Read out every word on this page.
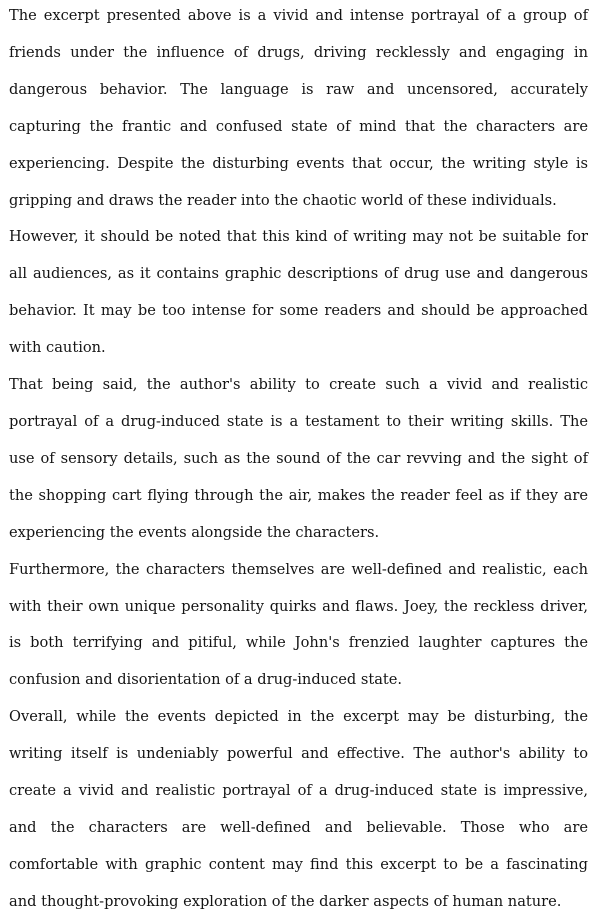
The excerpt presented above is a vivid and intense portrayal of a group of friends under the influence of drugs, driving recklessly and engaging in dangerous behavior. The language is raw and uncensored, accurately capturing the frantic and confused state of mind that the characters are experiencing. Despite the disturbing events that occur, the writing style is gripping and draws the reader into the chaotic world of these individuals.

However, it should be noted that this kind of writing may not be suitable for all audiences, as it contains graphic descriptions of drug use and dangerous behavior. It may be too intense for some readers and should be approached with caution.

That being said, the author's ability to create such a vivid and realistic portrayal of a drug-induced state is a testament to their writing skills. The use of sensory details, such as the sound of the car revving and the sight of the shopping cart flying through the air, makes the reader feel as if they are experiencing the events alongside the characters.

Furthermore, the characters themselves are well-defined and realistic, each with their own unique personality quirks and flaws. Joey, the reckless driver, is both terrifying and pitiful, while John's frenzied laughter captures the confusion and disorientation of a drug-induced state.

Overall, while the events depicted in the excerpt may be disturbing, the writing itself is undeniably powerful and effective. The author's ability to create a vivid and realistic portrayal of a drug-induced state is impressive, and the characters are well-defined and believable. Those who are comfortable with graphic content may find this excerpt to be a fascinating and thought-provoking exploration of the darker aspects of human nature.
